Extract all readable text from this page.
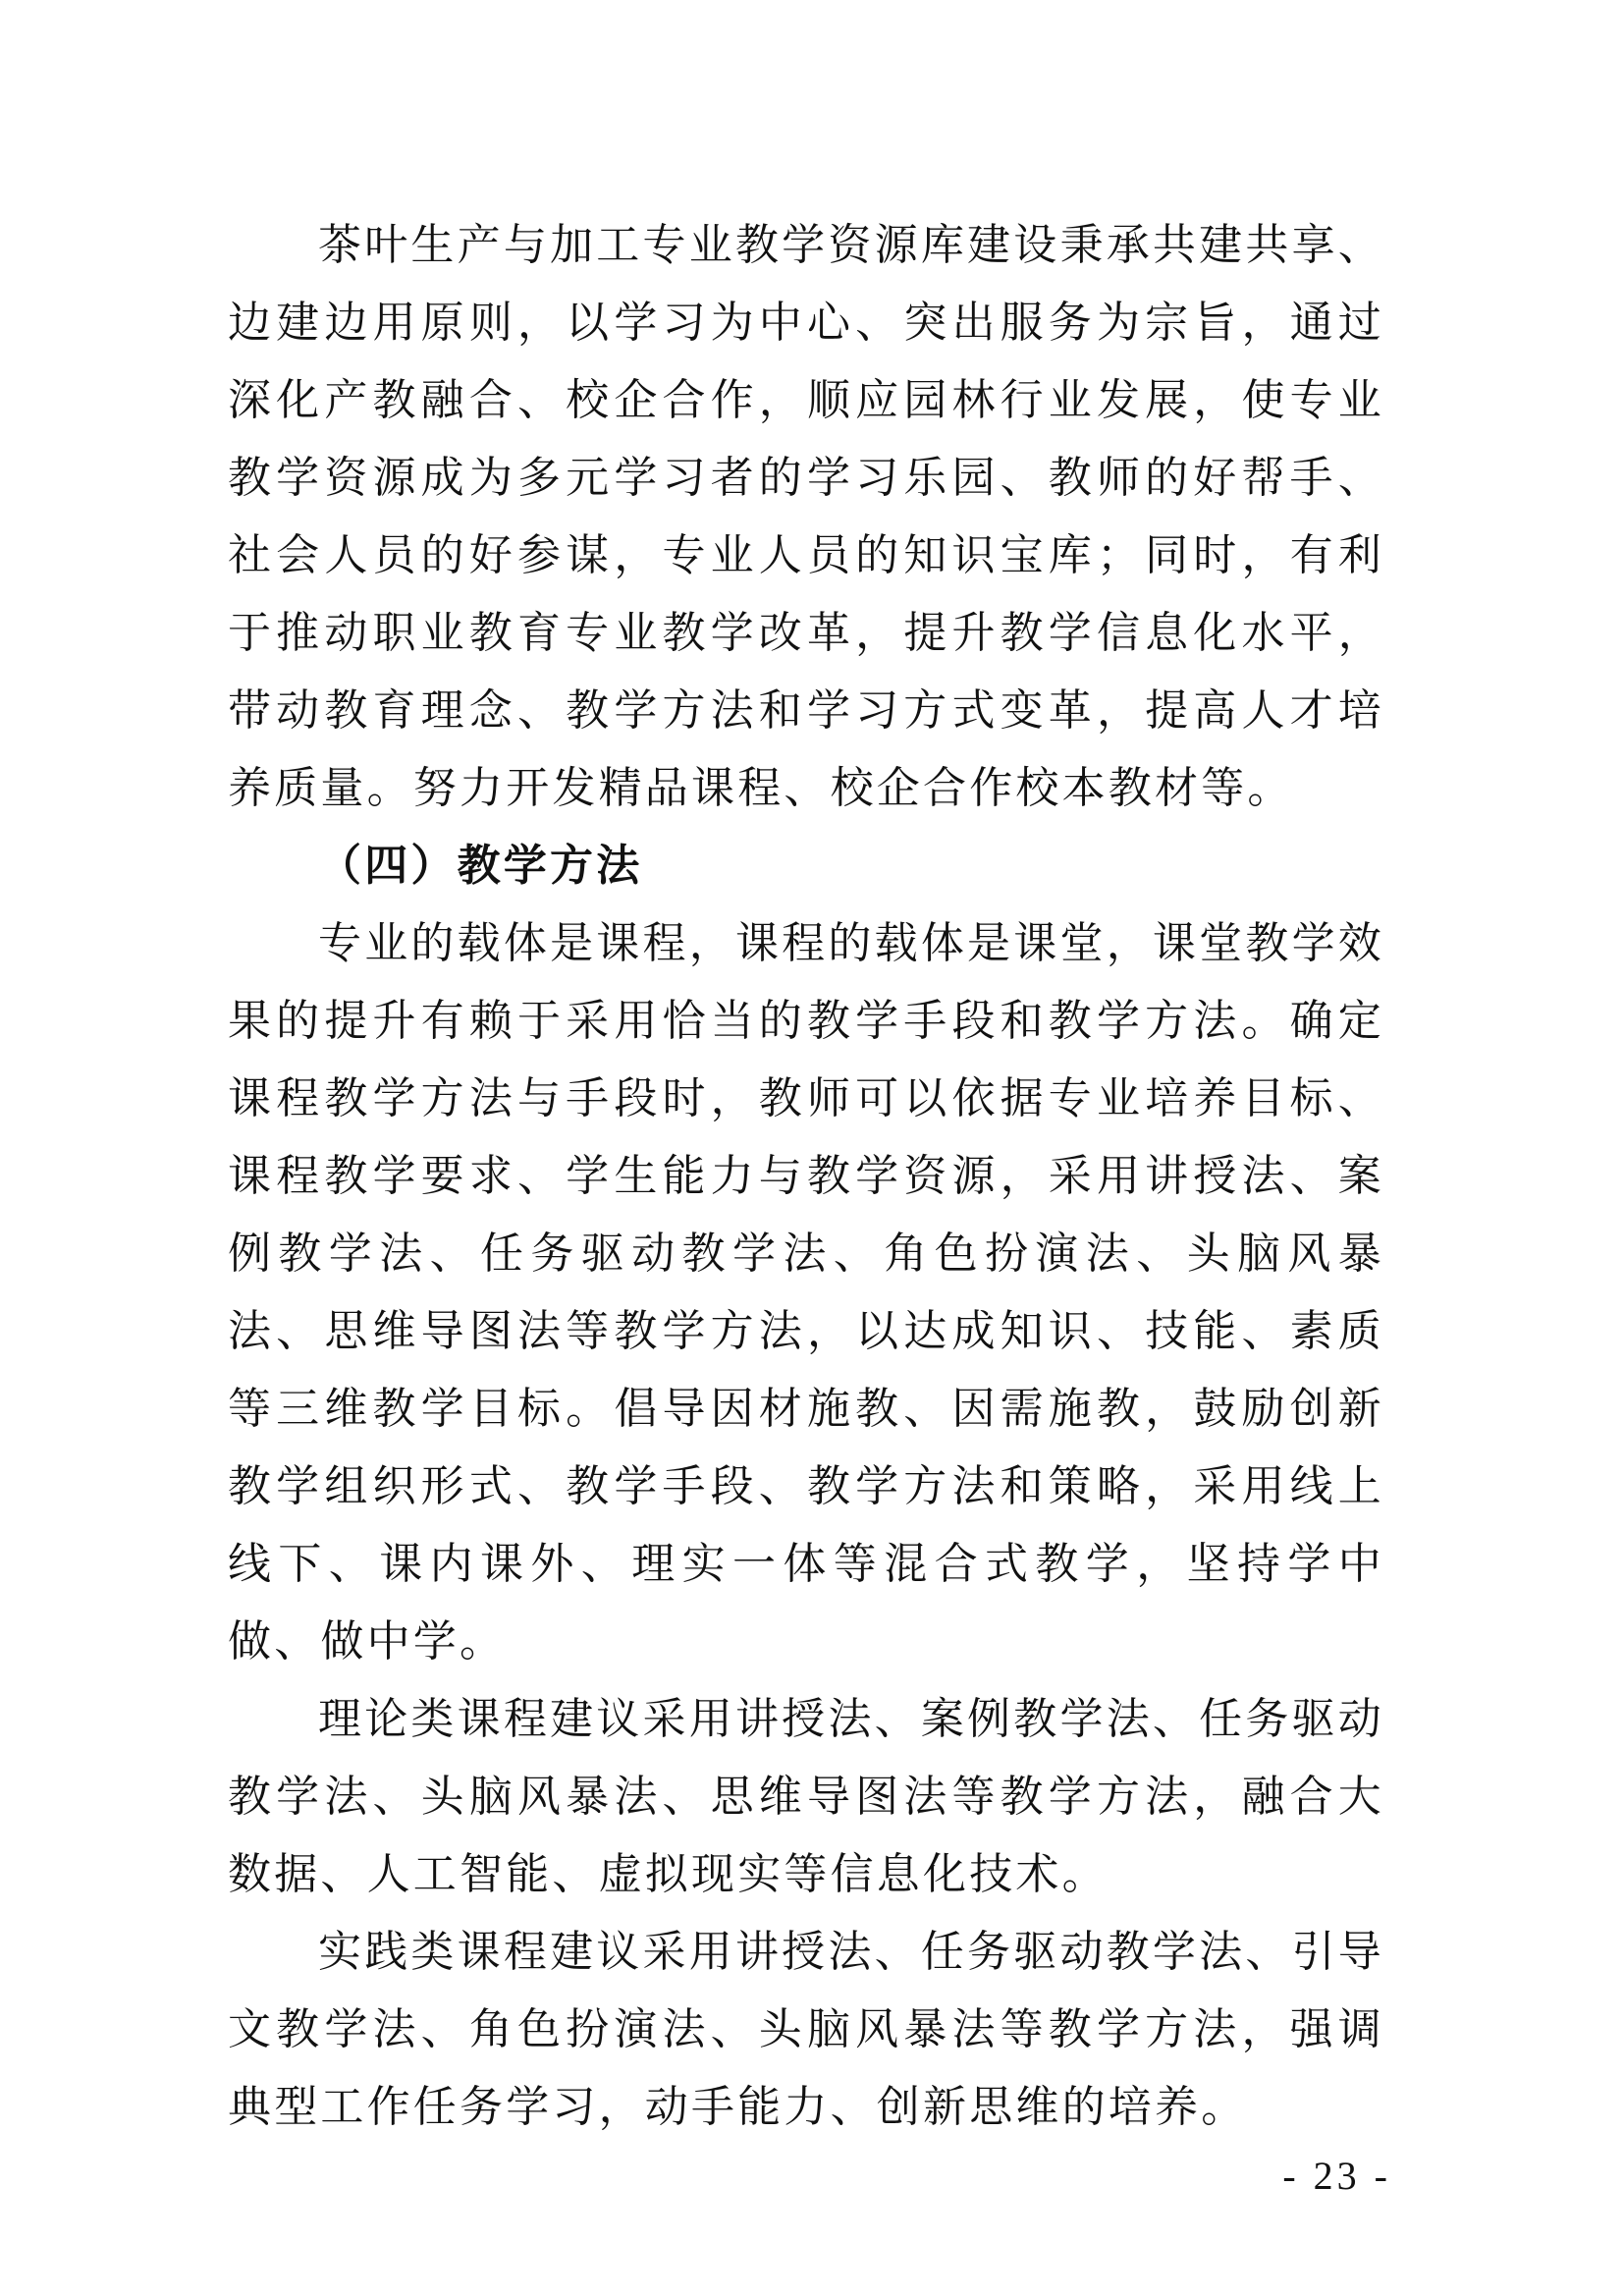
茶叶生产与加工专业教学资源库建设秉承共建共享、边建边用原则，以学习为中心、突出服务为宗旨，通过深化产教融合、校企合作，顺应园林行业发展，使专业教学资源成为多元学习者的学习乐园、教师的好帮手、社会人员的好参谋，专业人员的知识宝库；同时，有利于推动职业教育专业教学改革，提升教学信息化水平，带动教育理念、教学方法和学习方式变革，提高人才培养质量。努力开发精品课程、校企合作校本教材等。

（四）教学方法

专业的载体是课程，课程的载体是课堂，课堂教学效果的提升有赖于采用恰当的教学手段和教学方法。确定课程教学方法与手段时，教师可以依据专业培养目标、课程教学要求、学生能力与教学资源，采用讲授法、案例教学法、任务驱动教学法、角色扮演法、头脑风暴法、思维导图法等教学方法，以达成知识、技能、素质等三维教学目标。倡导因材施教、因需施教，鼓励创新教学组织形式、教学手段、教学方法和策略，采用线上线下、课内课外、理实一体等混合式教学，坚持学中做、做中学。

理论类课程建议采用讲授法、案例教学法、任务驱动教学法、头脑风暴法、思维导图法等教学方法，融合大数据、人工智能、虚拟现实等信息化技术。

实践类课程建议采用讲授法、任务驱动教学法、引导文教学法、角色扮演法、头脑风暴法等教学方法，强调典型工作任务学习，动手能力、创新思维的培养。

- 23 -
